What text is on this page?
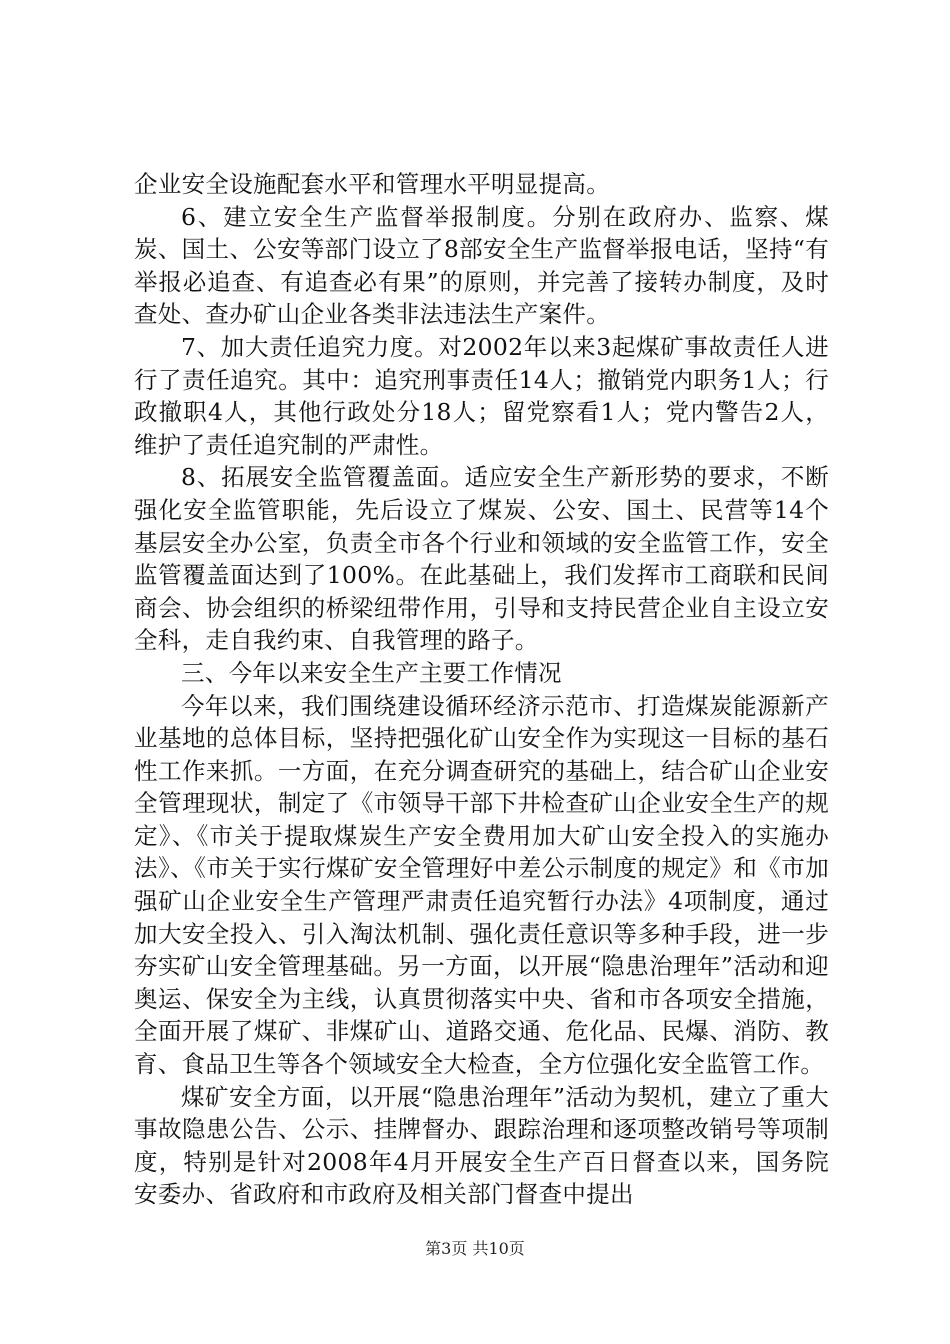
企业安全设施配套水平和管理水平明显提高。

6、建立安全生产监督举报制度。分别在政府办、监察、煤炭、国土、公安等部门设立了8部安全生产监督举报电话，坚持“有举报必追查、有追查必有果”的原则，并完善了接转办制度，及时查处、查办矿山企业各类非法违法生产案件。

7、加大责任追究力度。对2002年以来3起煤矿事故责任人进行了责任追究。其中：追究刑事责任14人；撤销党内职务1人；行政撤职4人，其他行政处分18人；留党察看1人；党内警告2人，维护了责任追究制的严肃性。

8、拓展安全监管覆盖面。适应安全生产新形势的要求，不断强化安全监管职能，先后设立了煤炭、公安、国土、民营等14个基层安全办公室，负责全市各个行业和领域的安全监管工作，安全监管覆盖面达到了100%。在此基础上，我们发挥市工商联和民间商会、协会组织的桥梁纽带作用，引导和支持民营企业自主设立安全科，走自我约束、自我管理的路子。

三、今年以来安全生产主要工作情况

今年以来，我们围绕建设循环经济示范市、打造煤炭能源新产业基地的总体目标，坚持把强化矿山安全作为实现这一目标的基石性工作来抓。一方面，在充分调查研究的基础上，结合矿山企业安全管理现状，制定了《市领导干部下井检查矿山企业安全生产的规定》、《市关于提取煤炭生产安全费用加大矿山安全投入的实施办法》、《市关于实行煤矿安全管理好中差公示制度的规定》和《市加强矿山企业安全生产管理严肃责任追究暂行办法》4项制度，通过加大安全投入、引入淘汰机制、强化责任意识等多种手段，进一步夯实矿山安全管理基础。另一方面，以开展“隐患治理年”活动和迎奥运、保安全为主线，认真贯彻落实中央、省和市各项安全措施，全面开展了煤矿、非煤矿山、道路交通、危化品、民爆、消防、教育、食品卫生等各个领域安全大检查，全方位强化安全监管工作。

煤矿安全方面，以开展“隐患治理年”活动为契机，建立了重大事故隐患公告、公示、挂牌督办、跟踪治理和逐项整改销号等项制度，特别是针对2008年4月开展安全生产百日督查以来，国务院安委办、省政府和市政府及相关部门督查中提出

第3页 共10页
